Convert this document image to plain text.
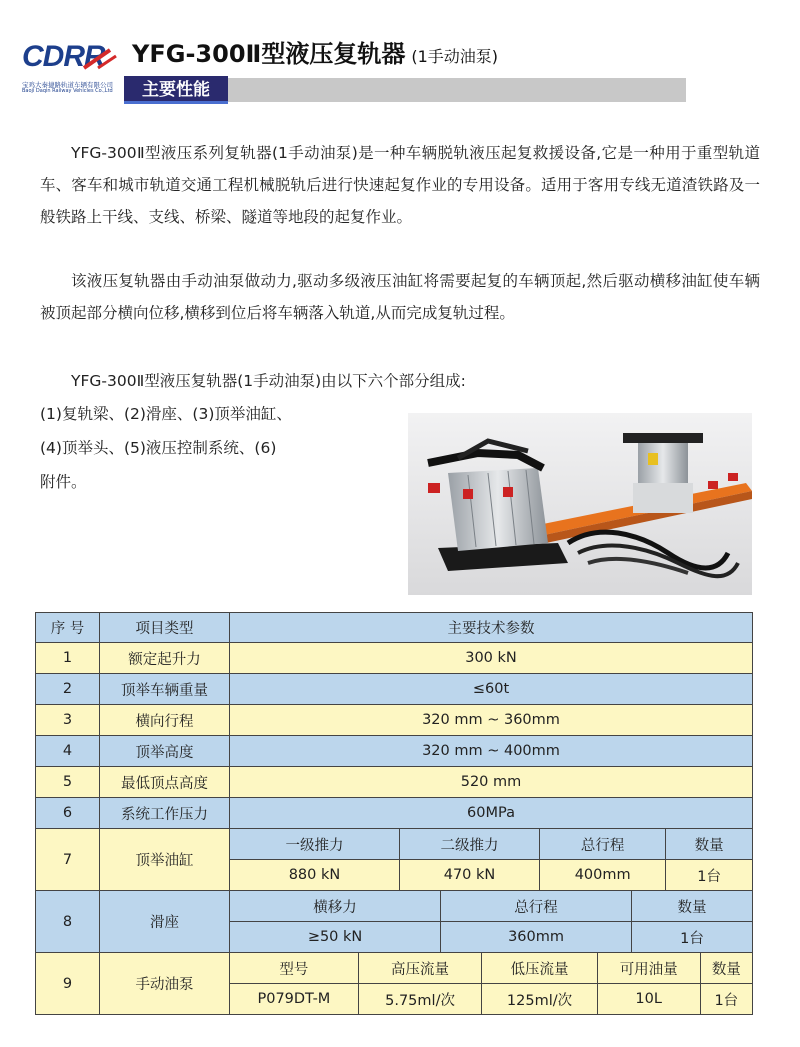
CDRR
宝鸡大秦捷路轨道车辆有限公司
Baoji Daqin Railway Vehicles Co.,Ltd
YFG-300Ⅱ型液压复轨器 (1手动油泵)
主要性能
YFG-300Ⅱ型液压系列复轨器(1手动油泵)是一种车辆脱轨液压起复救援设备,它是一种用于重型轨道车、客车和城市轨道交通工程机械脱轨后进行快速起复作业的专用设备。适用于客用专线无道渣铁路及一般铁路上干线、支线、桥梁、隧道等地段的起复作业。
该液压复轨器由手动油泵做动力,驱动多级液压油缸将需要起复的车辆顶起,然后驱动横移油缸使车辆被顶起部分横向位移,横移到位后将车辆落入轨道,从而完成复轨过程。
YFG-300Ⅱ型液压复轨器(1手动油泵)由以下六个部分组成:
(1)复轨梁、(2)滑座、(3)顶举油缸、
(4)顶举头、(5)液压控制系统、(6)
附件。
序 号	项目类型	主要技术参数									
1	额定起升力	300 kN									
2	顶举车辆重量	≤60t									
3	横向行程	320 mm ~ 360mm									
4	顶举高度	320 mm ~ 400mm									
5	最低顶点高度	520 mm									
6	系统工作压力	60MPa									
7	顶举油缸	一级推力		二级推力			总行程			数量	
		880 kN		470 kN			400mm			1台	
8	滑座	横移力			总行程				数量		
		≥50 kN			360mm				1台		
9	手动油泵	型号	高压流量			低压流量		可用油量			数量
		P079DT-M	5.75ml/次			125ml/次		10L			1台
